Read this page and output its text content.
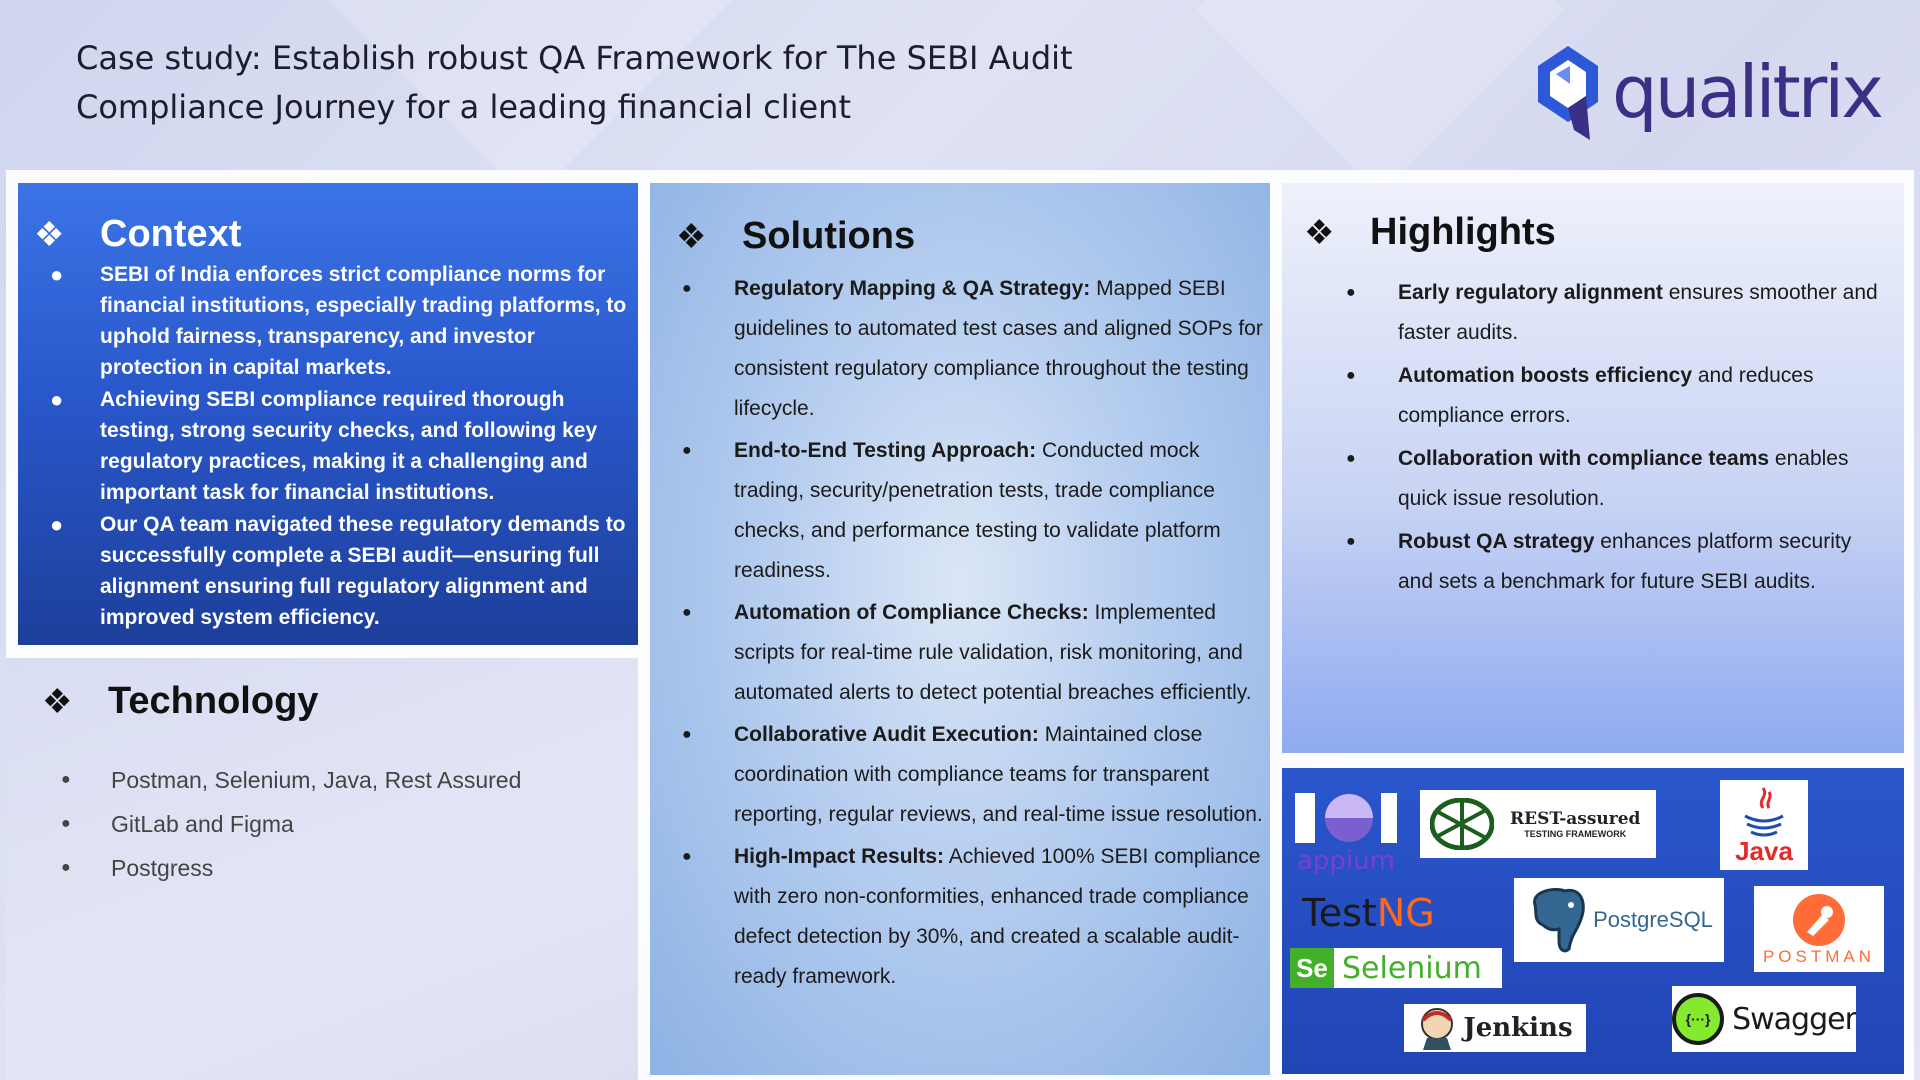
Case study: Establish robust QA Framework for The SEBI Audit
Compliance Journey for a leading financial client	qualitrix
❖ Context
● SEBI of India enforces strict compliance norms for financial institutions, especially trading platforms, to uphold fairness, transparency, and investor protection in capital markets.
● Achieving SEBI compliance required thorough testing, strong security checks, and following key regulatory practices, making it a challenging and important task for financial institutions.
● Our QA team navigated these regulatory demands to successfully complete a SEBI audit—ensuring full alignment ensuring full regulatory alignment and improved system efficiency.
❖ Technology
● Postman, Selenium, Java, Rest Assured
● GitLab and Figma
● Postgress
❖ Solutions
● Regulatory Mapping & QA Strategy: Mapped SEBI guidelines to automated test cases and aligned SOPs for consistent regulatory compliance throughout the testing lifecycle.
● End-to-End Testing Approach: Conducted mock trading, security/penetration tests, trade compliance checks, and performance testing to validate platform readiness.
● Automation of Compliance Checks: Implemented scripts for real-time rule validation, risk monitoring, and automated alerts to detect potential breaches efficiently.
● Collaborative Audit Execution: Maintained close coordination with compliance teams for transparent reporting, regular reviews, and real-time issue resolution.
● High-Impact Results: Achieved 100% SEBI compliance with zero non-conformities, enhanced trade compliance defect detection by 30%, and created a scalable audit-ready framework.
❖ Highlights
● Early regulatory alignment ensures smoother and faster audits.
● Automation boosts efficiency and reduces compliance errors.
● Collaboration with compliance teams enables quick issue resolution.
● Robust QA strategy enhances platform security and sets a benchmark for future SEBI audits.
appium
REST-assured
TESTING FRAMEWORK
Java
Test NG	PostgreSQL
POSTMAN
Se Selenium
Jenkins	{···} Swagger
